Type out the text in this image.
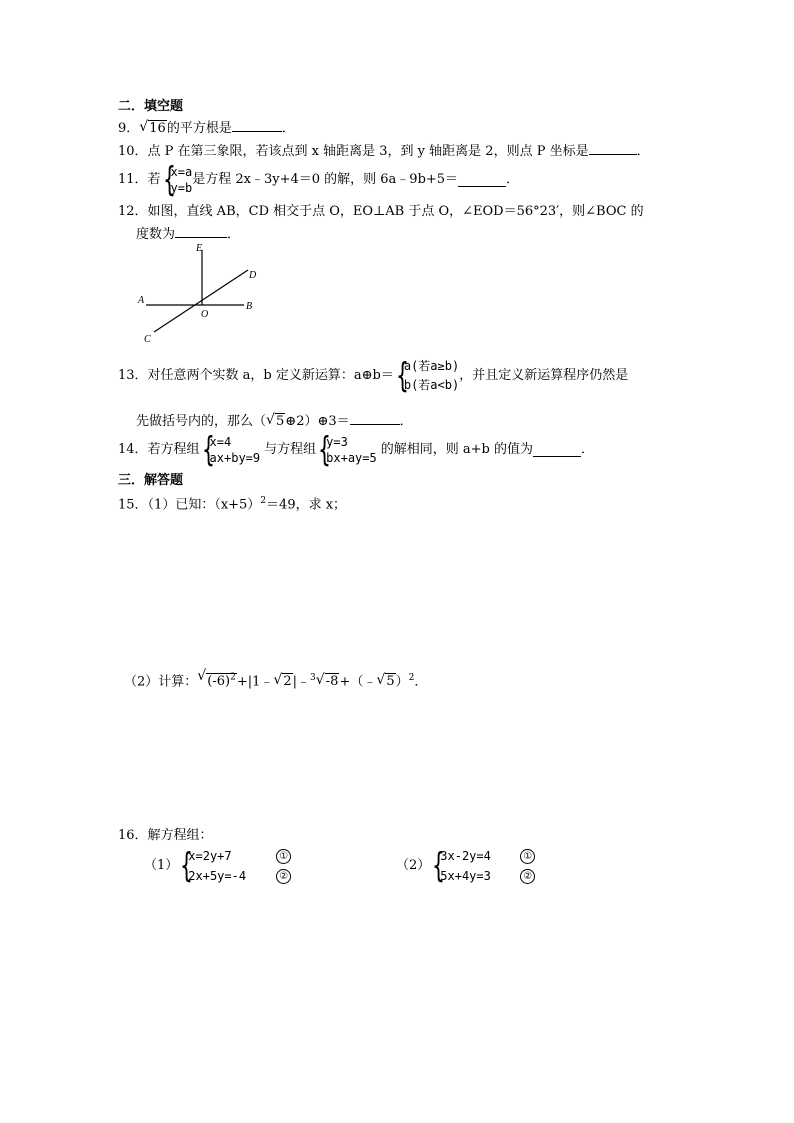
二．填空题
9． √ 16的平方根是	．
10．点 P 在第三象限，若该点到 x 轴距离是 3，到 y 轴距离是 2，则点 P 坐标是	．
11．若 {
x=a
y=b
是方程 2x﹣3y+4＝0 的解，则 6a﹣9b+5＝	．
12．如图，直线 AB，CD 相交于点 O，EO⊥AB 于点 O，∠EOD＝56°23′，则∠BOC 的
度数为	．
E
D
A
B
O
C
13．对任意两个实数 a，b 定义新运算：a⊕b＝ {
a(若a≥b)
b(若a<b)
，并且定义新运算程序仍然是
先做括号内的，那么（ √ 5⊕2）⊕3＝	．
14．若方程组 {
x=4
ax+by=9
与方程组 {
y=3
bx+ay=5
的解相同，则 a+b 的值为	．
三．解答题
15．（1）已知：$(x+5)^2=49$，求 x；
（2）计算： √ $(-6)^2+|1﹣$ √ 2|﹣$^3$ √ -8+（﹣ √ 5）$^2$．
16．解方程组：
（1） {
x=2y+7	①
2x+5y=-4	②
（2） {
3x-2y=4	①
5x+4y=3	②
